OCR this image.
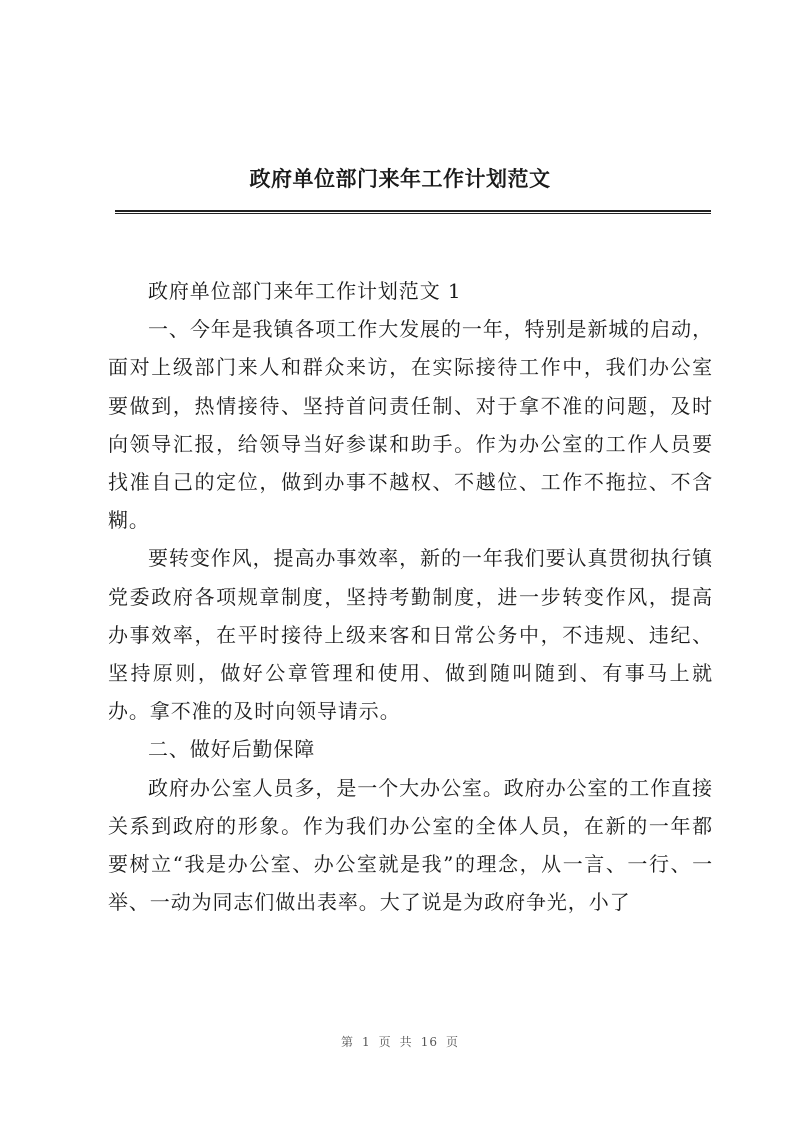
政府单位部门来年工作计划范文

政府单位部门来年工作计划范文 1

一、今年是我镇各项工作大发展的一年，特别是新城的启动，面对上级部门来人和群众来访，在实际接待工作中，我们办公室要做到，热情接待、坚持首问责任制、对于拿不准的问题，及时向领导汇报，给领导当好参谋和助手。作为办公室的工作人员要找准自己的定位，做到办事不越权、不越位、工作不拖拉、不含糊。

要转变作风，提高办事效率，新的一年我们要认真贯彻执行镇党委政府各项规章制度，坚持考勤制度，进一步转变作风，提高办事效率，在平时接待上级来客和日常公务中，不违规、违纪、坚持原则，做好公章管理和使用、做到随叫随到、有事马上就办。拿不准的及时向领导请示。

二、做好后勤保障

政府办公室人员多，是一个大办公室。政府办公室的工作直接关系到政府的形象。作为我们办公室的全体人员，在新的一年都要树立“我是办公室、办公室就是我”的理念，从一言、一行、一举、一动为同志们做出表率。大了说是为政府争光，小了

第 1 页 共 16 页
